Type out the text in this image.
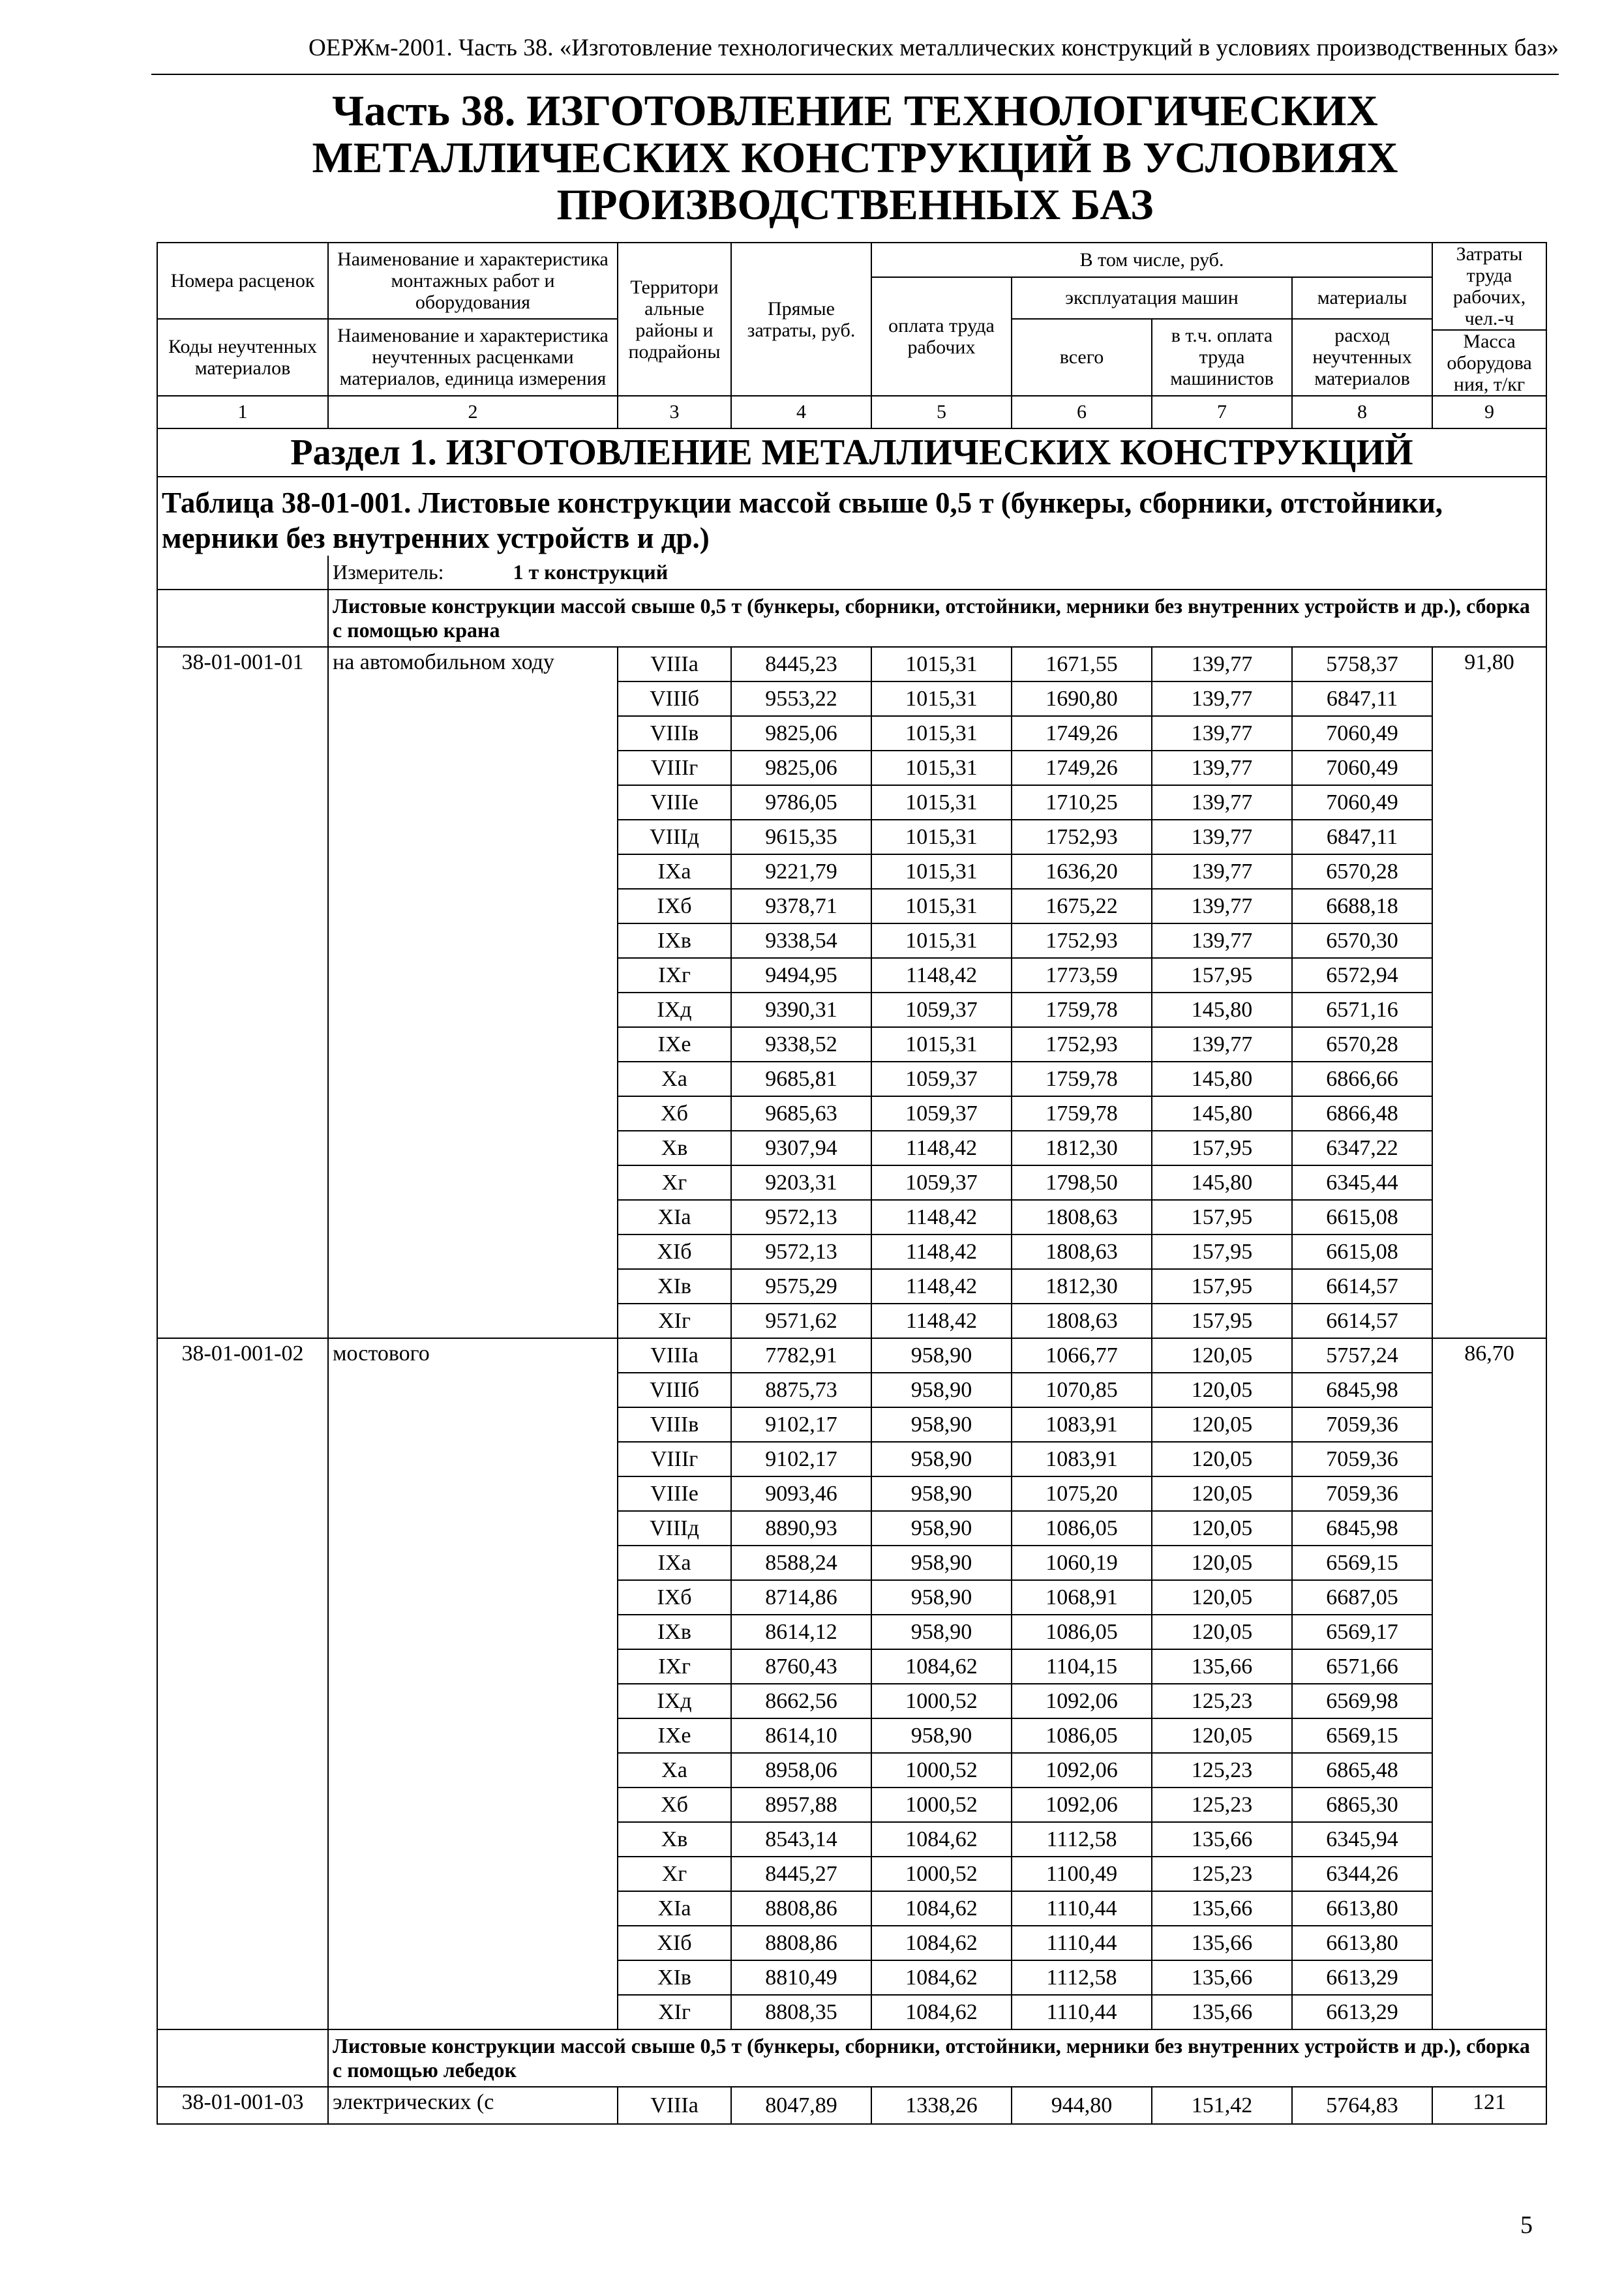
ОЕРЖм-2001. Часть 38. «Изготовление технологических металлических конструкций в условиях производственных баз»
Часть 38. ИЗГОТОВЛЕНИЕ ТЕХНОЛОГИЧЕСКИХ
МЕТАЛЛИЧЕСКИХ КОНСТРУКЦИЙ В УСЛОВИЯХ
ПРОИЗВОДСТВЕННЫХ БАЗ
Номера расценок	Наименование и характеристика монтажных работ и оборудования	Территори альные районы и подрайоны	Прямые затраты, руб.	В том числе, руб.				Затраты труда рабочих, чел.-ч
				оплата труда рабочих	эксплуатация машин		материалы	

Коды неучтенных материалов	Наименование и характеристика неучтенных расценками материалов, единица измерения				всего	в т.ч. оплата труда машинистов	расход неучтенных материалов	
								Масса оборудова ния, т/кг

1	2	3	4	5	6	7	8	9
Раздел 1. ИЗГОТОВЛЕНИЕ МЕТАЛЛИЧЕСКИХ КОНСТРУКЦИЙ								
Таблица 38-01-001. Листовые конструкции массой свыше 0,5 т (бункеры, сборники, отстойники, мерники без внутренних устройств и др.)								
	Измеритель: 1 т конструкций							
	Листовые конструкции массой свыше 0,5 т (бункеры, сборники, отстойники, мерники без внутренних устройств и др.), сборка с помощью крана							
38-01-001-01	на автомобильном ходу	VIIIа	8445,23	1015,31	1671,55	139,77	5758,37	91,80
		VIIIб	9553,22	1015,31	1690,80	139,77	6847,11	
		VIIIв	9825,06	1015,31	1749,26	139,77	7060,49	
		VIIIг	9825,06	1015,31	1749,26	139,77	7060,49	
		VIIIе	9786,05	1015,31	1710,25	139,77	7060,49	
		VIIIд	9615,35	1015,31	1752,93	139,77	6847,11	
		IXа	9221,79	1015,31	1636,20	139,77	6570,28	
		IXб	9378,71	1015,31	1675,22	139,77	6688,18	
		IXв	9338,54	1015,31	1752,93	139,77	6570,30	
		IXг	9494,95	1148,42	1773,59	157,95	6572,94	
		IXд	9390,31	1059,37	1759,78	145,80	6571,16	
		IXе	9338,52	1015,31	1752,93	139,77	6570,28	
		Xа	9685,81	1059,37	1759,78	145,80	6866,66	
		Xб	9685,63	1059,37	1759,78	145,80	6866,48	
		Xв	9307,94	1148,42	1812,30	157,95	6347,22	
		Xг	9203,31	1059,37	1798,50	145,80	6345,44	
		XIа	9572,13	1148,42	1808,63	157,95	6615,08	
		XIб	9572,13	1148,42	1808,63	157,95	6615,08	
		XIв	9575,29	1148,42	1812,30	157,95	6614,57	
		XIг	9571,62	1148,42	1808,63	157,95	6614,57	
38-01-001-02	мостового	VIIIа	7782,91	958,90	1066,77	120,05	5757,24	86,70
		VIIIб	8875,73	958,90	1070,85	120,05	6845,98	
		VIIIв	9102,17	958,90	1083,91	120,05	7059,36	
		VIIIг	9102,17	958,90	1083,91	120,05	7059,36	
		VIIIе	9093,46	958,90	1075,20	120,05	7059,36	
		VIIIд	8890,93	958,90	1086,05	120,05	6845,98	
		IXа	8588,24	958,90	1060,19	120,05	6569,15	
		IXб	8714,86	958,90	1068,91	120,05	6687,05	
		IXв	8614,12	958,90	1086,05	120,05	6569,17	
		IXг	8760,43	1084,62	1104,15	135,66	6571,66	
		IXд	8662,56	1000,52	1092,06	125,23	6569,98	
		IXе	8614,10	958,90	1086,05	120,05	6569,15	
		Xа	8958,06	1000,52	1092,06	125,23	6865,48	
		Xб	8957,88	1000,52	1092,06	125,23	6865,30	
		Xв	8543,14	1084,62	1112,58	135,66	6345,94	
		Xг	8445,27	1000,52	1100,49	125,23	6344,26	
		XIа	8808,86	1084,62	1110,44	135,66	6613,80	
		XIб	8808,86	1084,62	1110,44	135,66	6613,80	
		XIв	8810,49	1084,62	1112,58	135,66	6613,29	
		XIг	8808,35	1084,62	1110,44	135,66	6613,29	
	Листовые конструкции массой свыше 0,5 т (бункеры, сборники, отстойники, мерники без внутренних устройств и др.), сборка с помощью лебедок							
38-01-001-03	электрических (с	VIIIа	8047,89	1338,26	944,80	151,42	5764,83	121
5
